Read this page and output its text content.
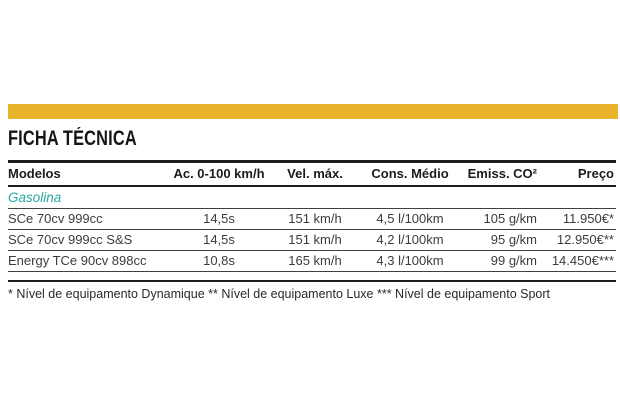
FICHA TÉCNICA
Modelos	Ac. 0-100 km/h	Vel. máx.	Cons. Médio	Emiss. CO²	Preço
Gasolina					
SCe 70cv 999cc	14,5s	151 km/h	4,5 l/100km	105 g/km	11.950€*
SCe 70cv 999cc S&S	14,5s	151 km/h	4,2 l/100km	95 g/km	12.950€**
Energy TCe 90cv 898cc	10,8s	165 km/h	4,3 l/100km	99 g/km	14.450€***

* Nível de equipamento Dynamique ** Nível de equipamento Luxe *** Nível de equipamento Sport
